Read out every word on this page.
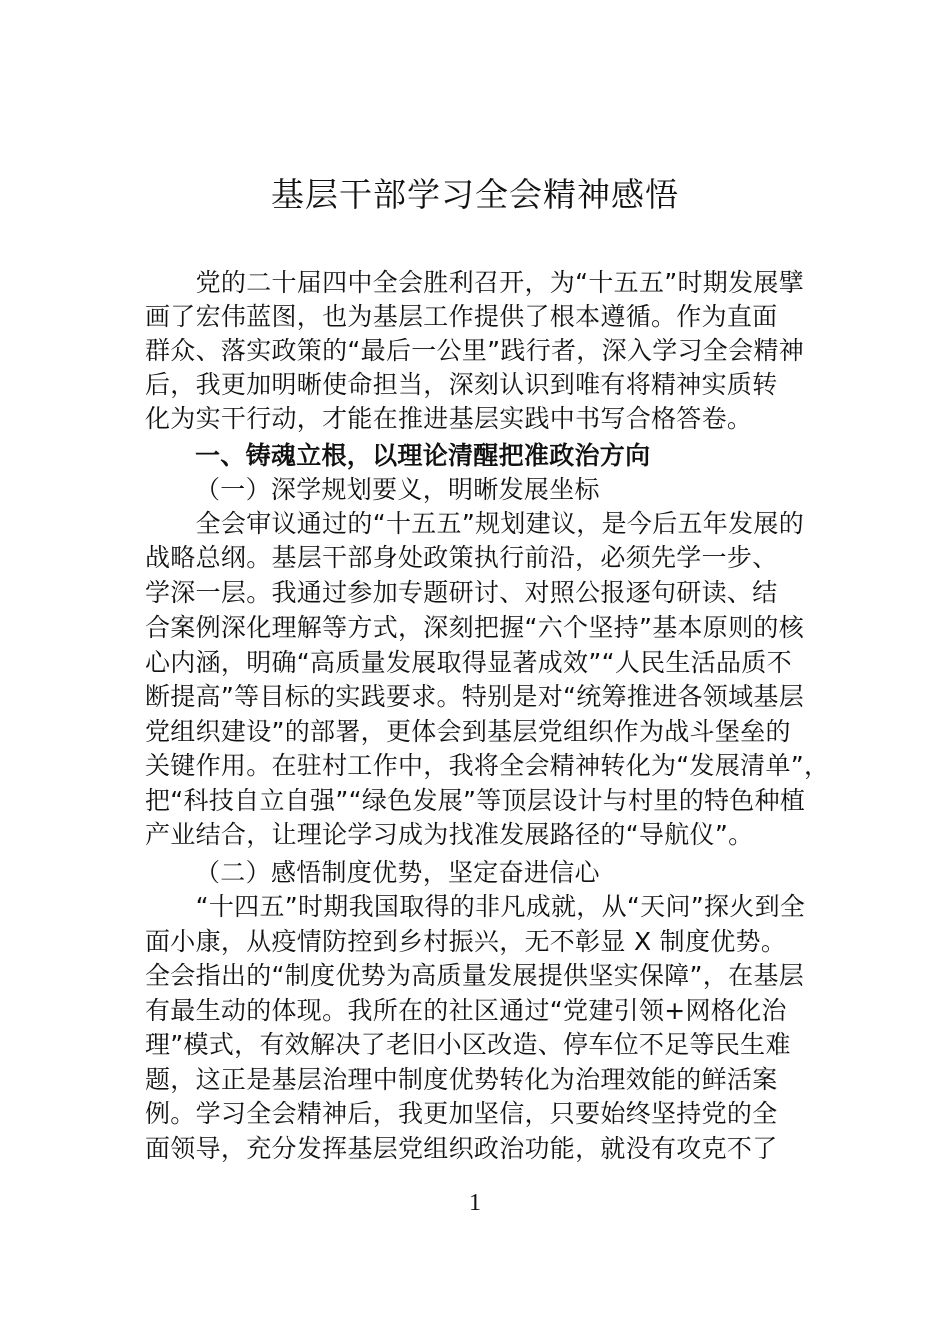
基层干部学习全会精神感悟
　　党的二十届四中全会胜利召开，为“十五五”时期发展擘
画了宏伟蓝图，也为基层工作提供了根本遵循。作为直面
群众、落实政策的“最后一公里”践行者，深入学习全会精神
后，我更加明晰使命担当，深刻认识到唯有将精神实质转
化为实干行动，才能在推进基层实践中书写合格答卷。
一、铸魂立根，以理论清醒把准政治方向
（一）深学规划要义，明晰发展坐标
　　全会审议通过的“十五五”规划建议，是今后五年发展的
战略总纲。基层干部身处政策执行前沿，必须先学一步、
学深一层。我通过参加专题研讨、对照公报逐句研读、结
合案例深化理解等方式，深刻把握“六个坚持”基本原则的核
心内涵，明确“高质量发展取得显著成效”“人民生活品质不
断提高”等目标的实践要求。特别是对“统筹推进各领域基层
党组织建设”的部署，更体会到基层党组织作为战斗堡垒的
关键作用。在驻村工作中，我将全会精神转化为“发展清单”，
把“科技自立自强”“绿色发展”等顶层设计与村里的特色种植
产业结合，让理论学习成为找准发展路径的“导航仪”。
（二）感悟制度优势，坚定奋进信心
　　“十四五”时期我国取得的非凡成就，从“天问”探火到全
面小康，从疫情防控到乡村振兴，无不彰显 X 制度优势。
全会指出的“制度优势为高质量发展提供坚实保障”，在基层
有最生动的体现。我所在的社区通过“党建引领+网格化治
理”模式，有效解决了老旧小区改造、停车位不足等民生难
题，这正是基层治理中制度优势转化为治理效能的鲜活案
例。学习全会精神后，我更加坚信，只要始终坚持党的全
面领导，充分发挥基层党组织政治功能，就没有攻克不了
1
